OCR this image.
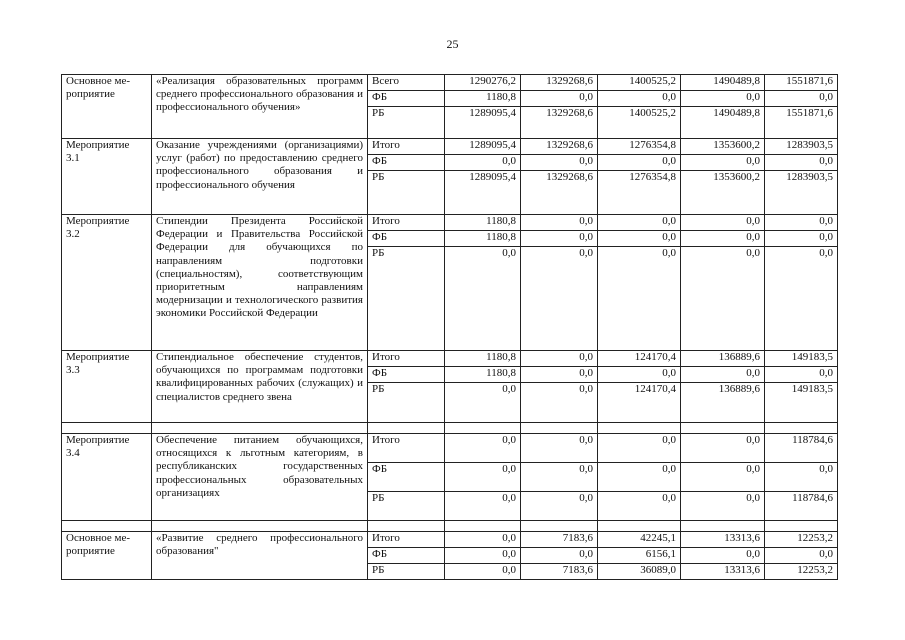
25
Основное ме-
роприятие	«Реализация образовательных программ среднего профессионального образования и профессионального обучения»	Всего	1290276,2	1329268,6	1400525,2	1490489,8	1551871,6
		ФБ	1180,8	0,0	0,0	0,0	0,0
		РБ	1289095,4	1329268,6	1400525,2	1490489,8	1551871,6
Мероприятие
3.1	Оказание учреждениями (организациями) услуг (работ) по предоставлению среднего профессионального образования и профессионального обучения	Итого	1289095,4	1329268,6	1276354,8	1353600,2	1283903,5
		ФБ	0,0	0,0	0,0	0,0	0,0
		РБ	1289095,4	1329268,6	1276354,8	1353600,2	1283903,5
Мероприятие
3.2	Стипендии Президента Российской Федерации и Правительства Российской Федерации для обучающихся по направлениям подготовки (специальностям), соответствующим приоритетным направлениям модернизации и технологического развития экономики Российской Федерации	Итого	1180,8	0,0	0,0	0,0	0,0
		ФБ	1180,8	0,0	0,0	0,0	0,0
		РБ	0,0	0,0	0,0	0,0	0,0
Мероприятие
3.3	Стипендиальное обеспечение студентов, обучающихся по программам подготовки квалифицированных рабочих (служащих) и специалистов среднего звена	Итого	1180,8	0,0	124170,4	136889,6	149183,5
		ФБ	1180,8	0,0	0,0	0,0	0,0
		РБ	0,0	0,0	124170,4	136889,6	149183,5

Мероприятие
3.4	Обеспечение питанием обучающихся, относящихся к льготным категориям, в республиканских государственных профессиональных образовательных организациях	Итого	0,0	0,0	0,0	0,0	118784,6
		ФБ	0,0	0,0	0,0	0,0	0,0
		РБ	0,0	0,0	0,0	0,0	118784,6

Основное ме-
роприятие	«Развитие среднего профессионального образования"	Итого	0,0	7183,6	42245,1	13313,6	12253,2
		ФБ	0,0	0,0	6156,1	0,0	0,0
		РБ	0,0	7183,6	36089,0	13313,6	12253,2
